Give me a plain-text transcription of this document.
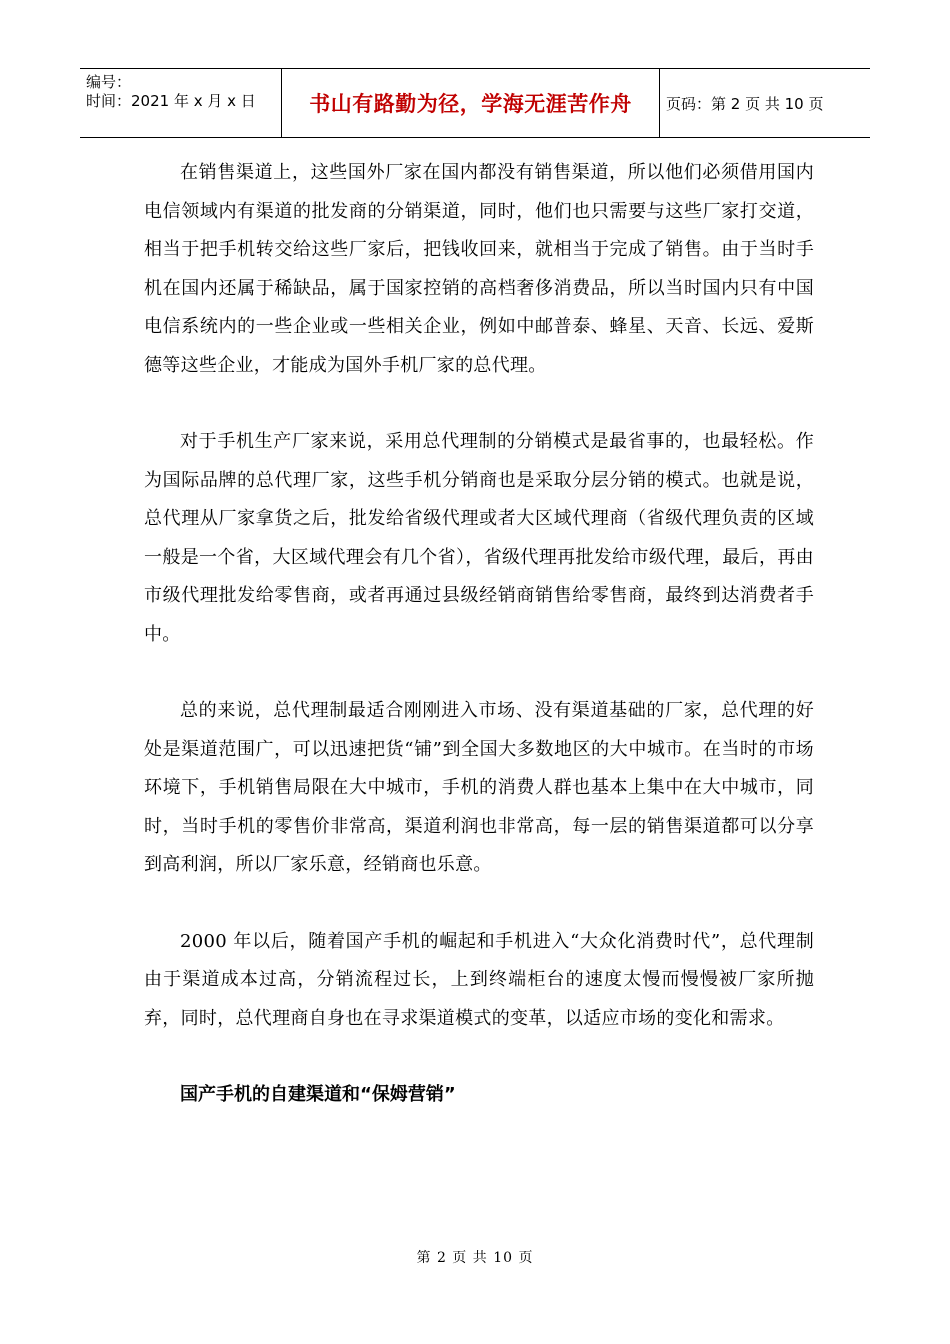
编号：
时间：2021 年 x 月 x 日	书山有路勤为径，学海无涯苦作舟	页码：第 2 页 共 10 页

在销售渠道上，这些国外厂家在国内都没有销售渠道，所以他们必须借用国内电信领域内有渠道的批发商的分销渠道，同时，他们也只需要与这些厂家打交道，相当于把手机转交给这些厂家后，把钱收回来，就相当于完成了销售。由于当时手机在国内还属于稀缺品，属于国家控销的高档奢侈消费品，所以当时国内只有中国电信系统内的一些企业或一些相关企业，例如中邮普泰、蜂星、天音、长远、爱斯德等这些企业，才能成为国外手机厂家的总代理。

对于手机生产厂家来说，采用总代理制的分销模式是最省事的，也最轻松。作为国际品牌的总代理厂家，这些手机分销商也是采取分层分销的模式。也就是说，总代理从厂家拿货之后，批发给省级代理或者大区域代理商（省级代理负责的区域一般是一个省，大区域代理会有几个省），省级代理再批发给市级代理，最后，再由市级代理批发给零售商，或者再通过县级经销商销售给零售商，最终到达消费者手中。

总的来说，总代理制最适合刚刚进入市场、没有渠道基础的厂家，总代理的好处是渠道范围广，可以迅速把货“铺”到全国大多数地区的大中城市。在当时的市场环境下，手机销售局限在大中城市，手机的消费人群也基本上集中在大中城市，同时，当时手机的零售价非常高，渠道利润也非常高，每一层的销售渠道都可以分享到高利润，所以厂家乐意，经销商也乐意。

2000 年以后，随着国产手机的崛起和手机进入“大众化消费时代”，总代理制由于渠道成本过高，分销流程过长，上到终端柜台的速度太慢而慢慢被厂家所抛弃，同时，总代理商自身也在寻求渠道模式的变革，以适应市场的变化和需求。

国产手机的自建渠道和“保姆营销”

第 2 页 共 10 页
